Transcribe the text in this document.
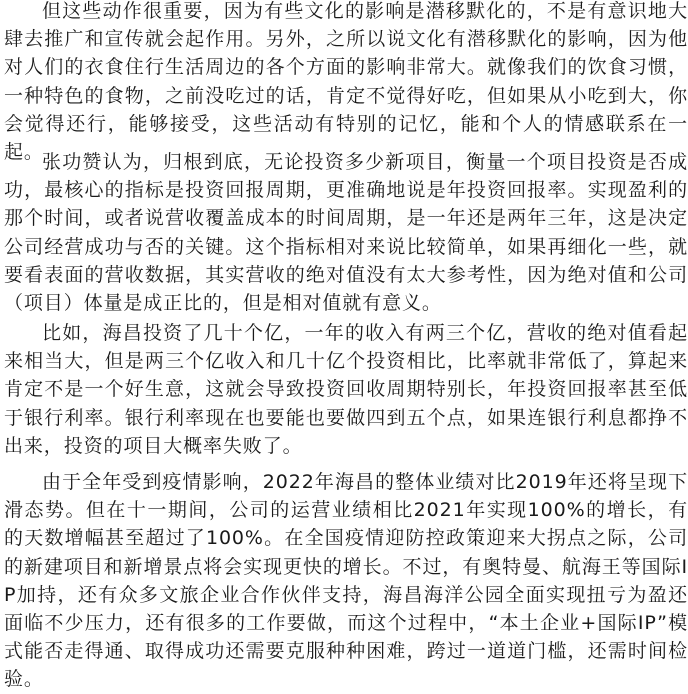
但这些动作很重要，因为有些文化的影响是潜移默化的，不是有意识地大肆去推广和宣传就会起作用。另外，之所以说文化有潜移默化的影响，因为他对人们的衣食住行生活周边的各个方面的影响非常大。就像我们的饮食习惯，一种特色的食物，之前没吃过的话，肯定不觉得好吃，但如果从小吃到大，你会觉得还行，能够接受，这些活动有特别的记忆，能和个人的情感联系在一起。

张功赞认为，归根到底，无论投资多少新项目，衡量一个项目投资是否成功，最核心的指标是投资回报周期，更准确地说是年投资回报率。实现盈利的那个时间，或者说营收覆盖成本的时间周期，是一年还是两年三年，这是决定公司经营成功与否的关键。这个指标相对来说比较简单，如果再细化一些，就要看表面的营收数据，其实营收的绝对值没有太大参考性，因为绝对值和公司（项目）体量是成正比的，但是相对值就有意义。

比如，海昌投资了几十个亿，一年的收入有两三个亿，营收的绝对值看起来相当大，但是两三个亿收入和几十亿个投资相比，比率就非常低了，算起来肯定不是一个好生意，这就会导致投资回收周期特别长，年投资回报率甚至低于银行利率。银行利率现在也要能也要做四到五个点，如果连银行利息都挣不出来，投资的项目大概率失败了。

由于全年受到疫情影响，2022年海昌的整体业绩对比2019年还将呈现下滑态势。但在十一期间，公司的运营业绩相比2021年实现100%的增长，有的天数增幅甚至超过了100%。在全国疫情迎防控政策迎来大拐点之际，公司的新建项目和新增景点将会实现更快的增长。不过，有奥特曼、航海王等国际IP加持，还有众多文旅企业合作伙伴支持，海昌海洋公园全面实现扭亏为盈还面临不少压力，还有很多的工作要做，而这个过程中，“本土企业+国际IP”模式能否走得通、取得成功还需要克服种种困难，跨过一道道门槛，还需时间检验。
